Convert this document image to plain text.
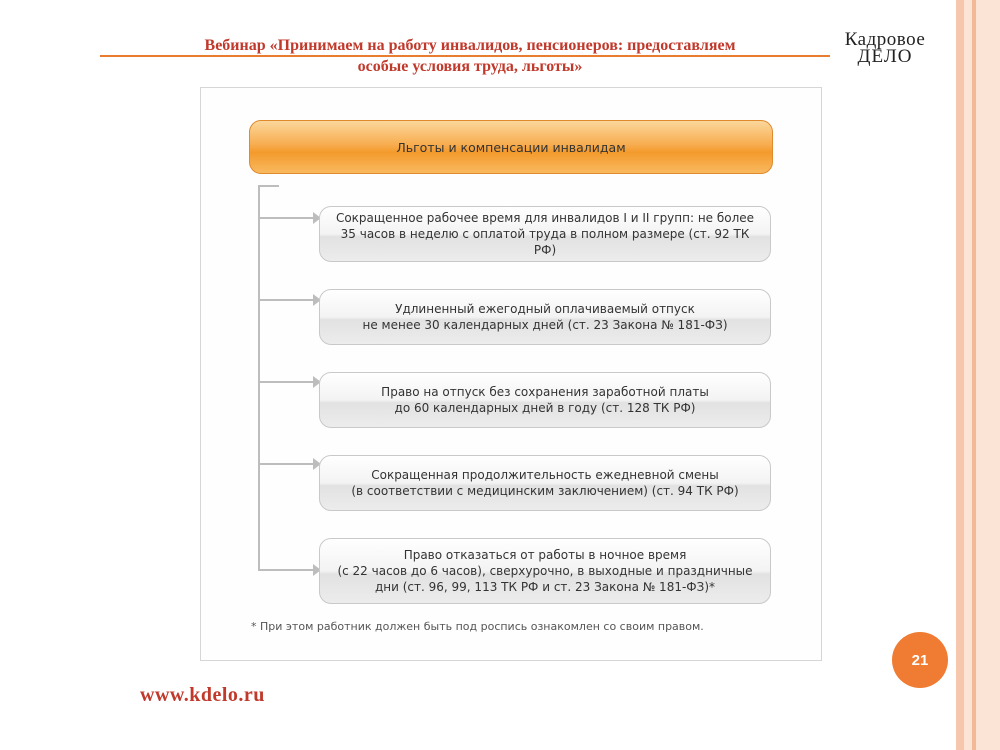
Вебинар «Принимаем на работу инвалидов, пенсионеров: предоставляем
особые условия труда, льготы»
Кадровое
ДЕЛО
Льготы и компенсации инвалидам
Сокращенное рабочее время для инвалидов I и II групп: не более
35 часов в неделю с оплатой труда в полном размере (ст. 92 ТК РФ)
Удлиненный ежегодный оплачиваемый отпуск
не менее 30 календарных дней (ст. 23 Закона № 181-ФЗ)
Право на отпуск без сохранения заработной платы
до 60 календарных дней в году (ст. 128 ТК РФ)
Сокращенная продолжительность ежедневной смены
(в соответствии с медицинским заключением) (ст. 94 ТК РФ)
Право отказаться от работы в ночное время
(с 22 часов до 6 часов), сверхурочно, в выходные и праздничные
дни (ст. 96, 99, 113 ТК РФ и ст. 23 Закона № 181-ФЗ)*
* При этом работник должен быть под роспись ознакомлен со своим правом.
21
www.kdelo.ru
